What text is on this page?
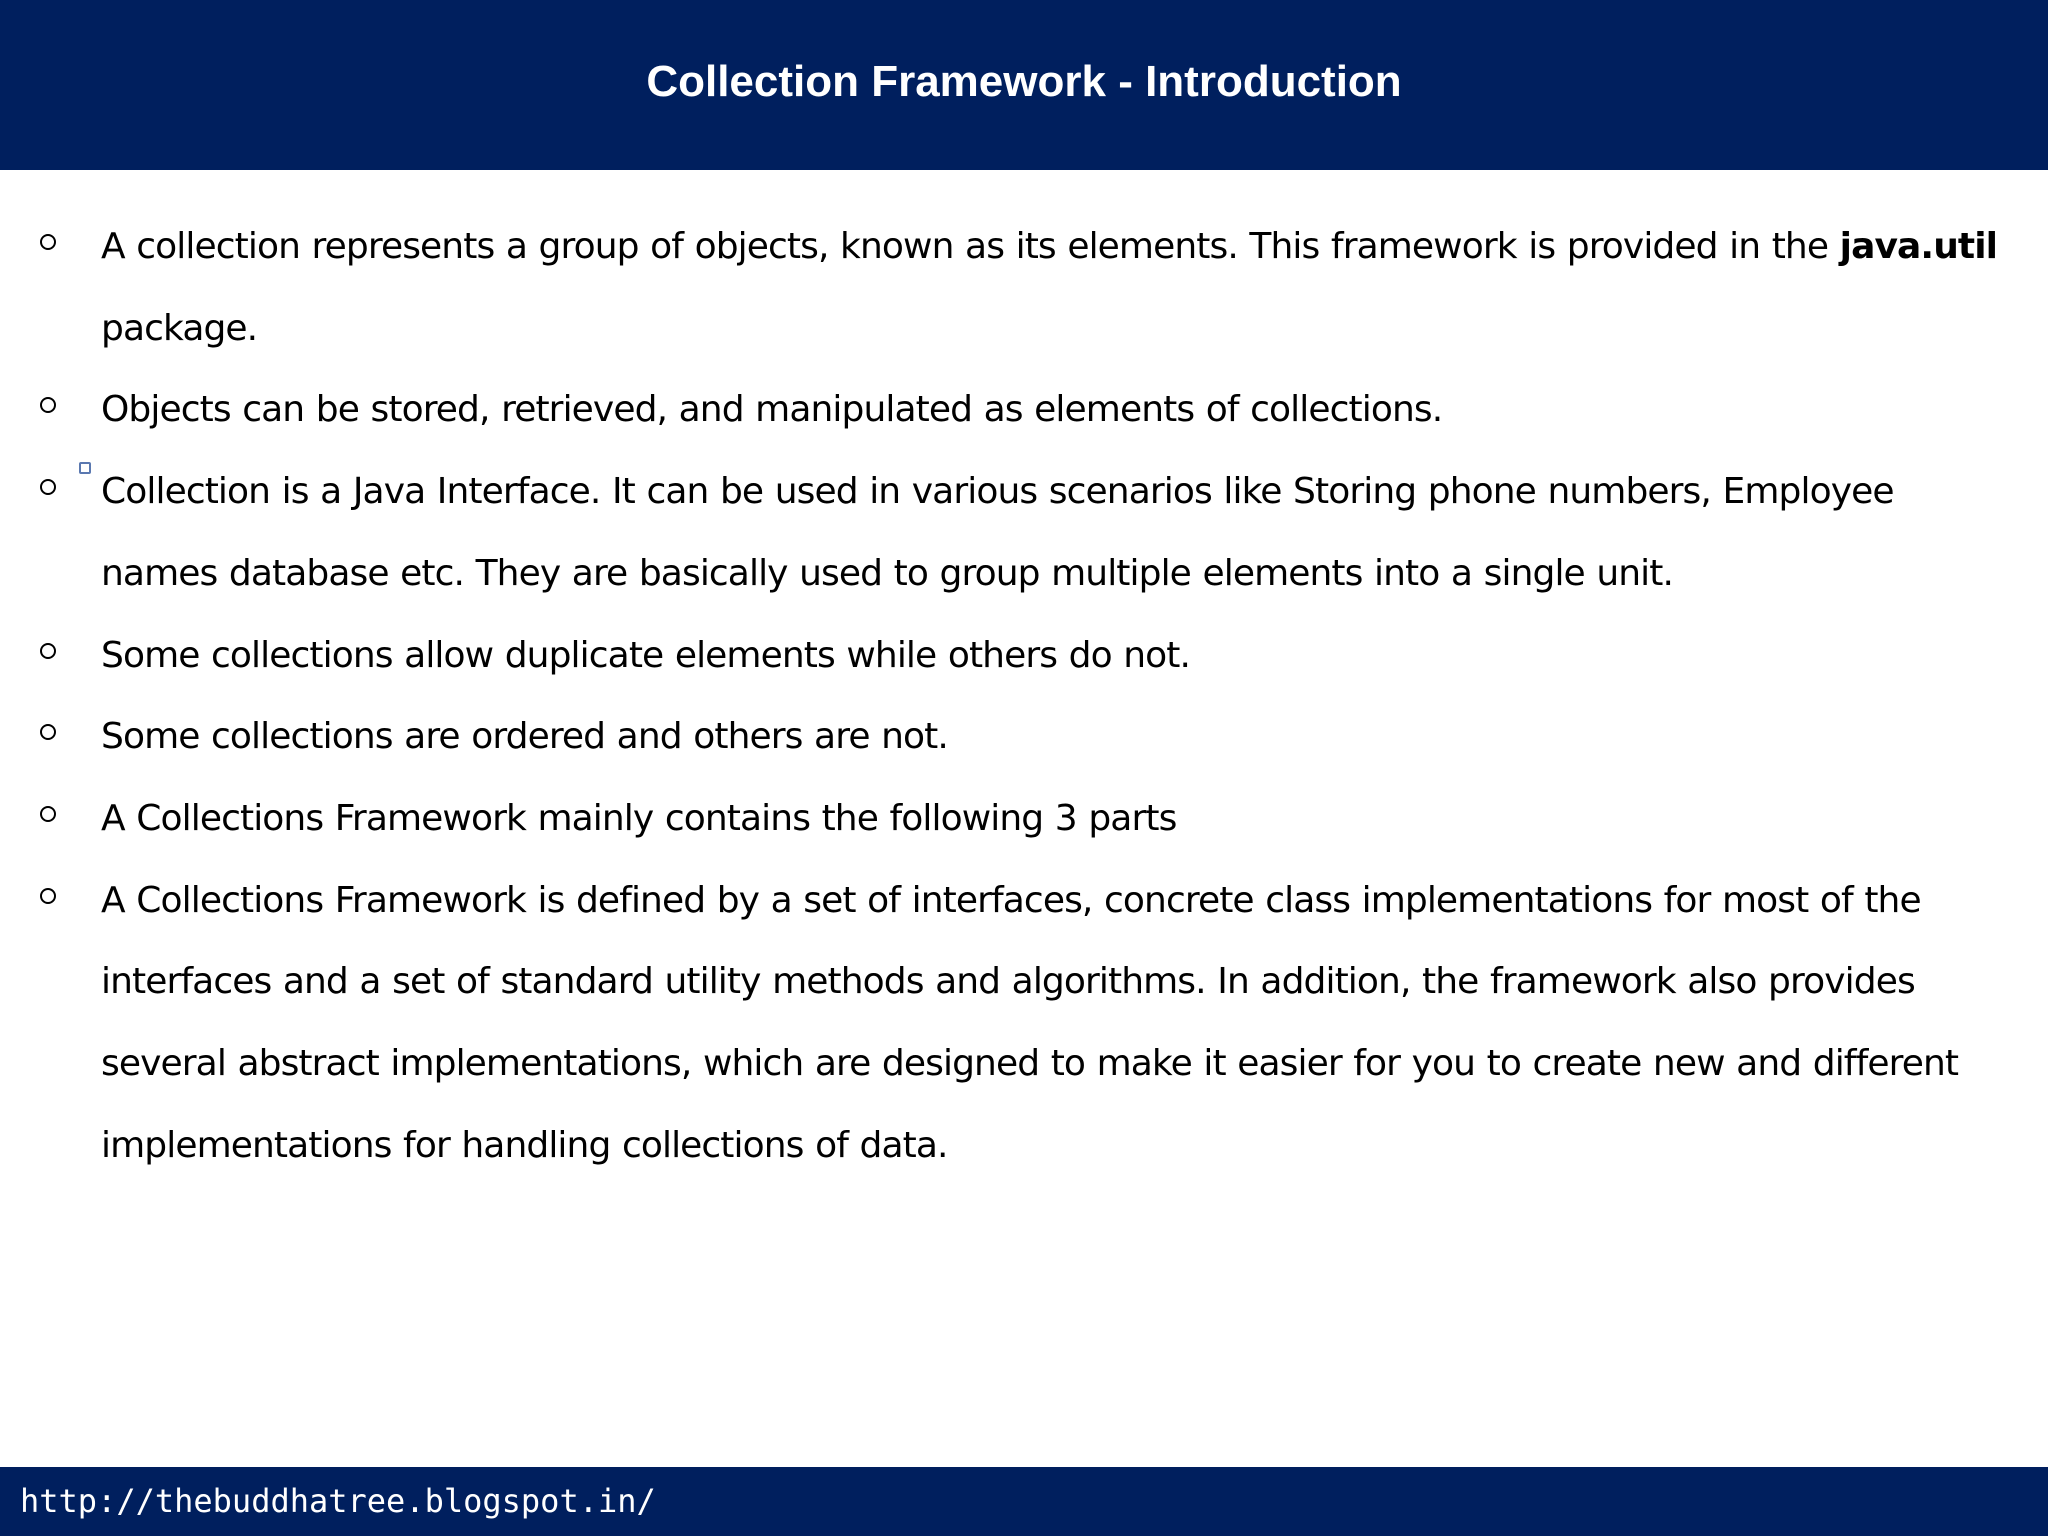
Collection Framework - Introduction
A collection represents a group of objects, known as its elements. This framework is provided in the java.util package.
Objects can be stored, retrieved, and manipulated as elements of collections.
Collection is a Java Interface. It can be used in various scenarios like Storing phone numbers, Employee names database etc. They are basically used to group multiple elements into a single unit.
Some collections allow duplicate elements while others do not.
Some collections are ordered and others are not.
A Collections Framework mainly contains the following 3 parts
A Collections Framework is defined by a set of interfaces, concrete class implementations for most of the interfaces and a set of standard utility methods and algorithms. In addition, the framework also provides several abstract implementations, which are designed to make it easier for you to create new and different implementations for handling collections of data.
http://thebuddhatree.blogspot.in/
